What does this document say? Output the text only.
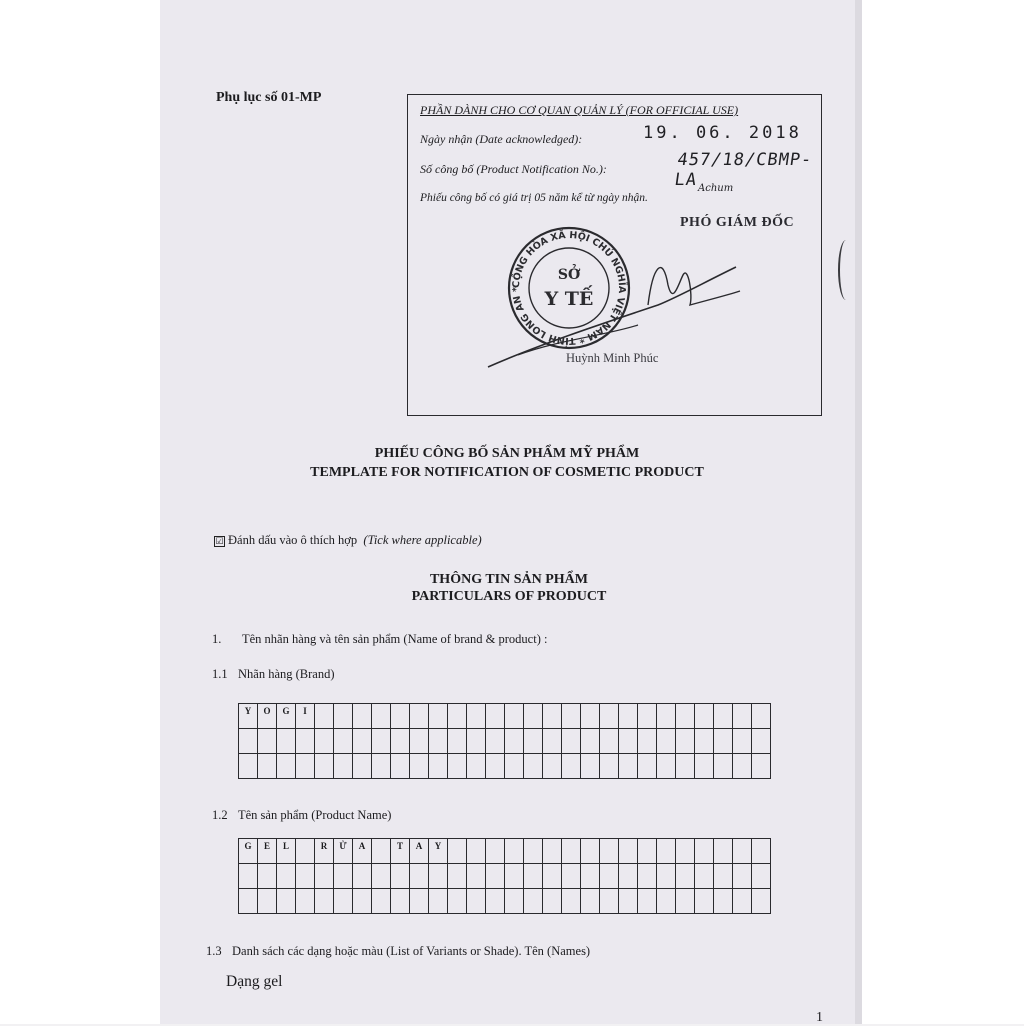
Phụ lục số 01-MP
PHẦN DÀNH CHO CƠ QUAN QUẢN LÝ (FOR OFFICIAL USE)
Ngày nhận (Date acknowledged):
Số công bố (Product Notification No.):
Phiếu công bố có giá trị 05 năm kể từ ngày nhận.
19. 06. 2018
457/18/CBMP-LA Achum
PHÓ GIÁM ĐỐC
CỘNG HÒA XÃ HỘI CHỦ NGHĨA VIỆT NAM * TỈNH LONG AN *
SỞ
Y TẾ
Huỳnh Minh Phúc
PHIẾU CÔNG BỐ SẢN PHẨM MỸ PHẨM
TEMPLATE FOR NOTIFICATION OF COSMETIC PRODUCT
☑ Đánh dấu vào ô thích hợp (Tick where applicable)
THÔNG TIN SẢN PHẨM
PARTICULARS OF PRODUCT
1. Tên nhãn hàng và tên sản phẩm (Name of brand & product) :
1.1 Nhãn hàng (Brand)
Y	O	G	I																								

1.2 Tên sản phẩm (Product Name)
G	E	L		R	Ử	A		T	A	Y																	

1.3 Danh sách các dạng hoặc màu (List of Variants or Shade). Tên (Names)
Dạng gel
1
